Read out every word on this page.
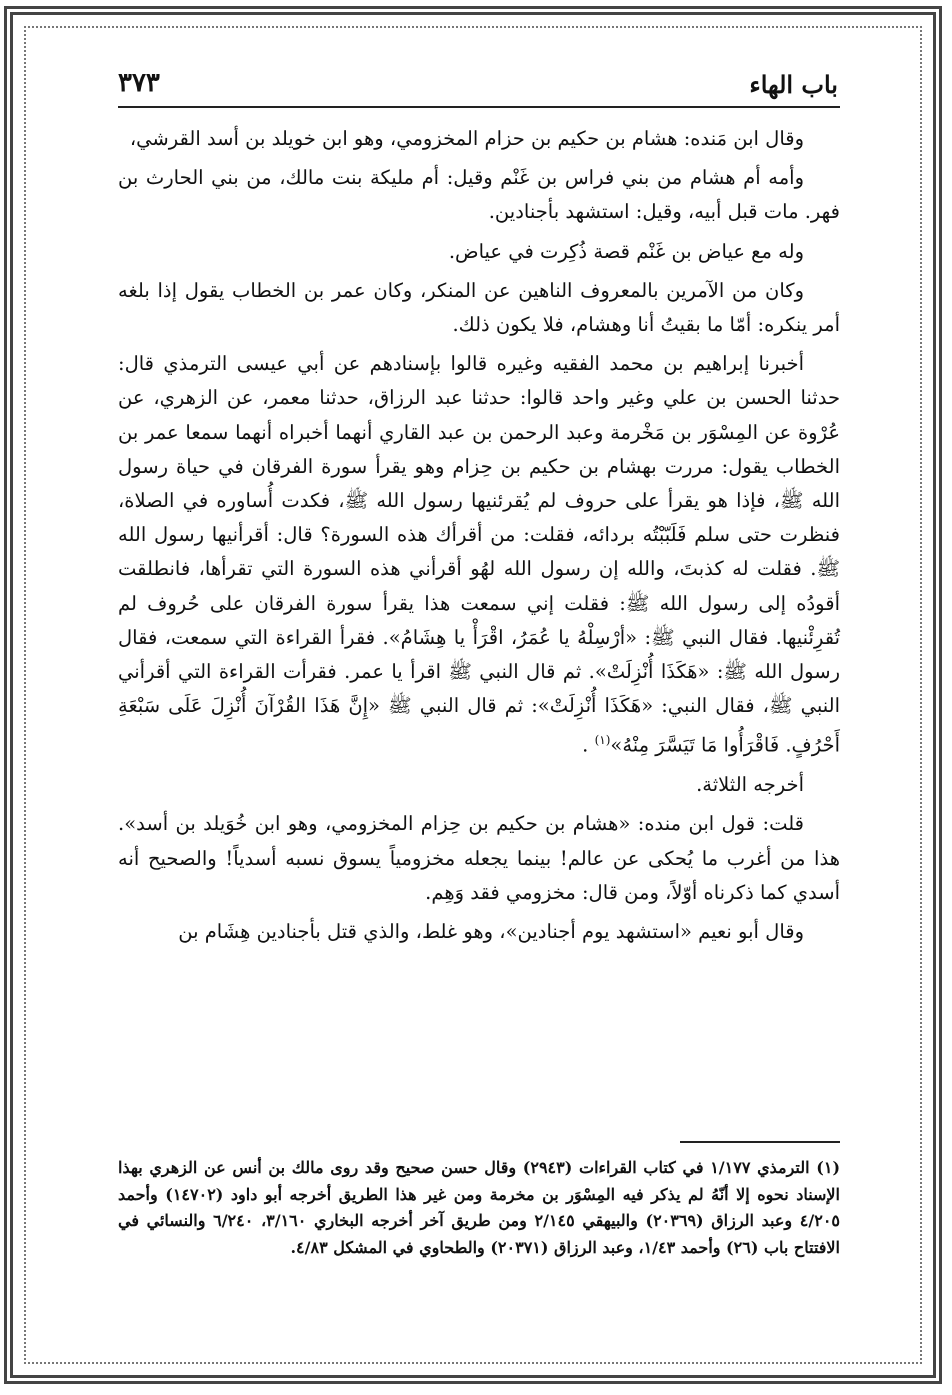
باب الهاء
٣٧٣

وقال ابن مَنده: هشام بن حكيم بن حزام المخزومي، وهو ابن خويلد بن أسد القرشي،

وأمه أم هشام من بني فراس بن غَنْم وقيل: أم مليكة بنت مالك، من بني الحارث بن فهر. مات قبل أبيه، وقيل: استشهد بأجنادين.

وله مع عياض بن غَنْم قصة ذُكِرت في عياض.

وكان من الآمرين بالمعروف الناهين عن المنكر، وكان عمر بن الخطاب يقول إذا بلغه أمر ينكره: أمّا ما بقيتُ أنا وهشام، فلا يكون ذلك.

أخبرنا إبراهيم بن محمد الفقيه وغيره قالوا بإسنادهم عن أبي عيسى الترمذي قال: حدثنا الحسن بن علي وغير واحد قالوا: حدثنا عبد الرزاق، حدثنا معمر، عن الزهري، عن عُرْوة عن المِسْوَر بن مَخْرمة وعبد الرحمن بن عبد القاري أنهما أخبراه أنهما سمعا عمر بن الخطاب يقول: مررت بهشام بن حكيم بن حِزام وهو يقرأ سورة الفرقان في حياة رسول الله ﷺ، فإذا هو يقرأ على حروف لم يُقرئنيها رسول الله ﷺ، فكدت أُساوره في الصلاة، فنظرت حتى سلم فَلَبّبْتُه بردائه، فقلت: من أقرأك هذه السورة؟ قال: أقرأنيها رسول الله ﷺ. فقلت له كذبتَ، والله إن رسول الله لهُو أقرأني هذه السورة التي تقرأها، فانطلقت أقودُه إلى رسول الله ﷺ: فقلت إني سمعت هذا يقرأ سورة الفرقان على حُروف لم تُقرِئْنيها. فقال النبي ﷺ: «أرْسِلْهُ يا عُمَرُ، اقْرَأْ يا هِشَامُ». فقرأ القراءة التي سمعت، فقال رسول الله ﷺ: «هَكَذَا أُنْزِلَتْ». ثم قال النبي ﷺ اقرأ يا عمر. فقرأت القراءة التي أقرأني النبي ﷺ، فقال النبي: «هَكَذَا أُنْزِلَتْ»: ثم قال النبي ﷺ «إِنَّ هَذَا القُرْآنَ أُنْزِلَ عَلَى سَبْعَةِ أَحْرُفٍ. فَاقْرَأُوا مَا تَيَسَّرَ مِنْهُ»$^{(١)}$ .

أخرجه الثلاثة.

قلت: قول ابن منده: «هشام بن حكيم بن حِزام المخزومي، وهو ابن خُوَيلد بن أسد». هذا من أغرب ما يُحكى عن عالم! بينما يجعله مخزومياً يسوق نسبه أسدياً! والصحيح أنه أسدي كما ذكرناه أوّلاً، ومن قال: مخزومي فقد وَهِم.

وقال أبو نعيم «استشهد يوم أجنادين»، وهو غلط، والذي قتل بأجنادين هِشَام بن

(١) الترمذي ١/١٧٧ في كتاب القراءات (٢٩٤٣) وقال حسن صحيح وقد روى مالك بن أنس عن الزهري بهذا الإسناد نحوه إلا أنّهُ لم يذكر فيه المِسْوَر بن مخرمة ومن غير هذا الطريق أخرجه أبو داود (١٤٧٠٢) وأحمد ٤/٢٠٥ وعبد الرزاق (٢٠٣٦٩) والبيهقي ٢/١٤٥ ومن طريق آخر أخرجه البخاري ٣/١٦٠، ٦/٢٤٠ والنسائي في الافتتاح باب (٢٦) وأحمد ١/٤٣، وعبد الرزاق (٢٠٣٧١) والطحاوي في المشكل ٤/٨٣.
